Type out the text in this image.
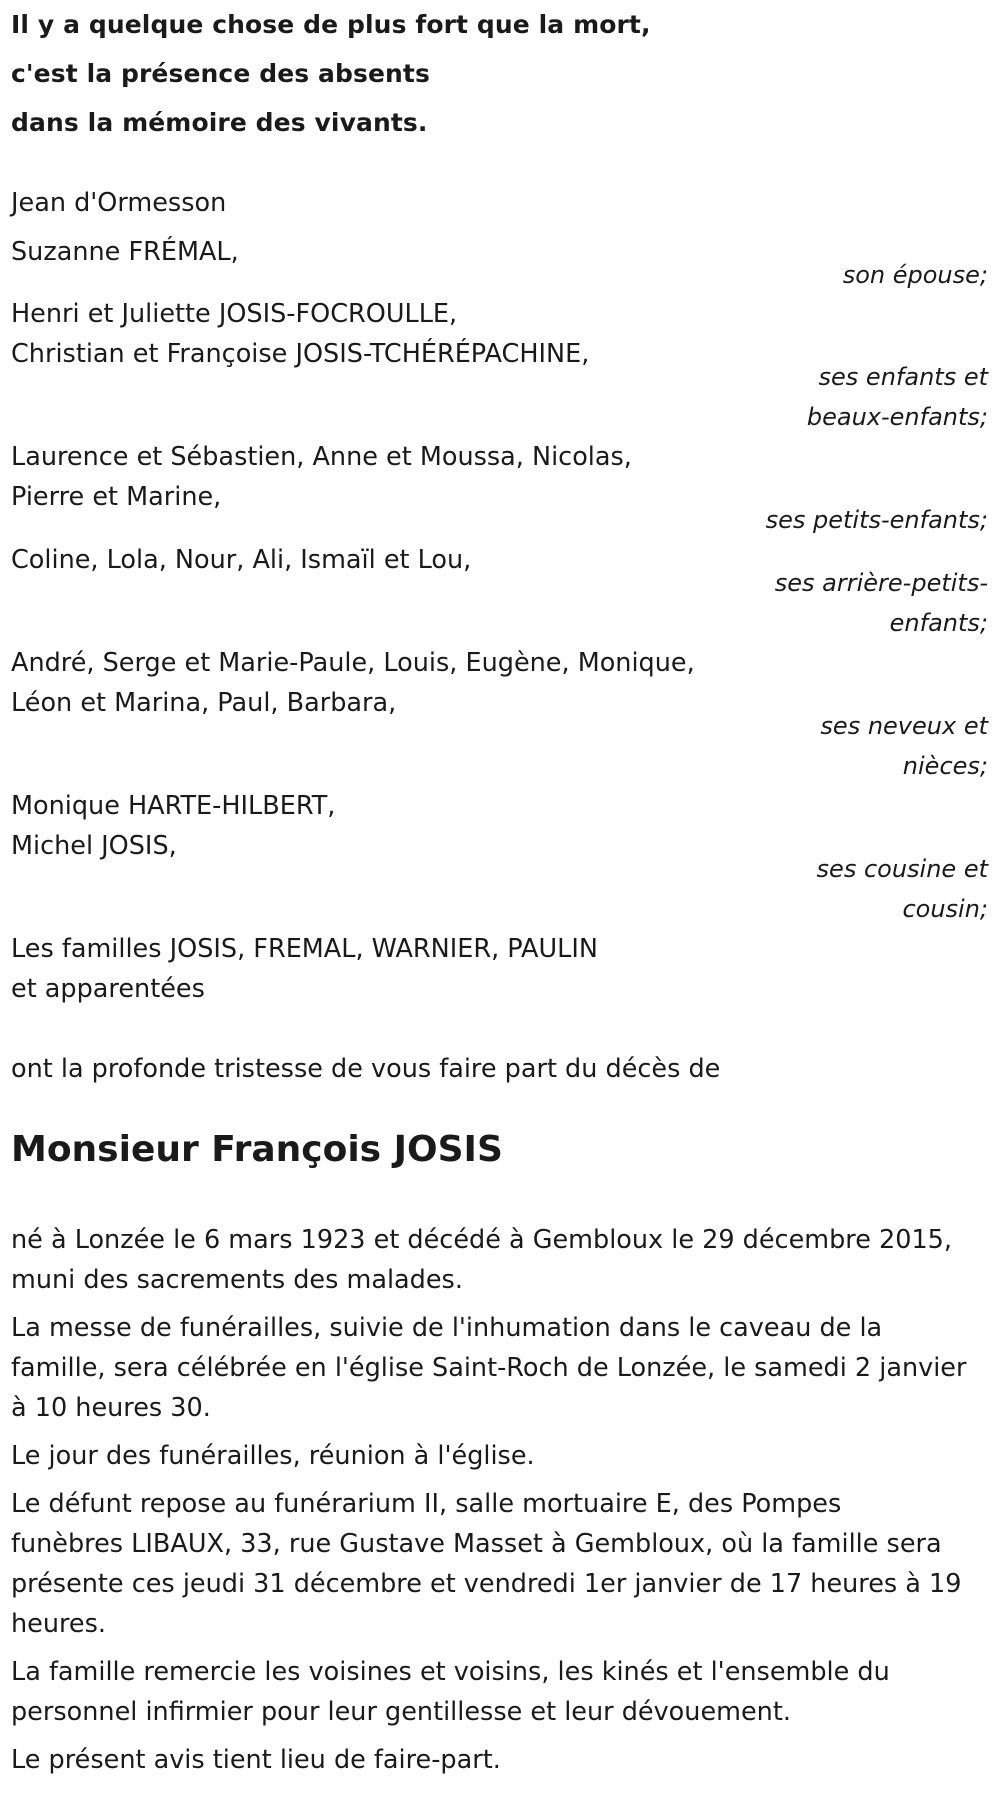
Il y a quelque chose de plus fort que la mort,
c'est la présence des absents
dans la mémoire des vivants.
Jean d'Ormesson
Suzanne FRÉMAL,
son épouse;
Henri et Juliette JOSIS-FOCROULLE,
Christian et Françoise JOSIS-TCHÉRÉPACHINE,
ses enfants et
beaux-enfants;
Laurence et Sébastien, Anne et Moussa, Nicolas,
Pierre et Marine,
ses petits-enfants;
Coline, Lola, Nour, Ali, Ismaïl et Lou,
ses arrière-petits-
enfants;
André, Serge et Marie-Paule, Louis, Eugène, Monique,
Léon et Marina, Paul, Barbara,
ses neveux et
nièces;
Monique HARTE-HILBERT,
Michel JOSIS,
ses cousine et
cousin;
Les familles JOSIS, FREMAL, WARNIER, PAULIN
et apparentées
ont la profonde tristesse de vous faire part du décès de
Monsieur François JOSIS
né à Lonzée le 6 mars 1923 et décédé à Gembloux le 29 décembre 2015,
muni des sacrements des malades.
La messe de funérailles, suivie de l'inhumation dans le caveau de la
famille, sera célébrée en l'église Saint-Roch de Lonzée, le samedi 2 janvier
à 10 heures 30.
Le jour des funérailles, réunion à l'église.
Le défunt repose au funérarium II, salle mortuaire E, des Pompes
funèbres LIBAUX, 33, rue Gustave Masset à Gembloux, où la famille sera
présente ces jeudi 31 décembre et vendredi 1er janvier de 17 heures à 19
heures.
La famille remercie les voisines et voisins, les kinés et l'ensemble du
personnel infirmier pour leur gentillesse et leur dévouement.
Le présent avis tient lieu de faire-part.
